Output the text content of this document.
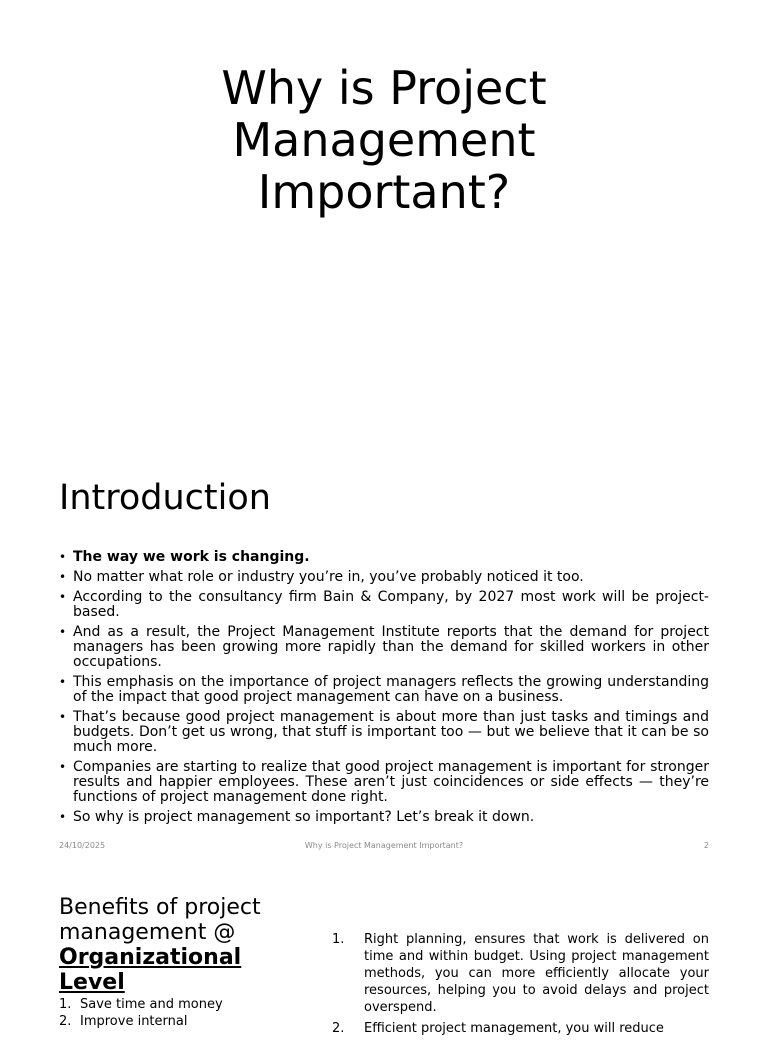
Why is Project
Management
Important?
Introduction
• The way we work is changing.
• No matter what role or industry you’re in, you’ve probably noticed it too.
• According to the consultancy firm Bain & Company, by 2027 most work will be project-based.
• And as a result, the Project Management Institute reports that the demand for project managers has been growing more rapidly than the demand for skilled workers in other occupations.
• This emphasis on the importance of project managers reflects the growing understanding of the impact that good project management can have on a business.
• That’s because good project management is about more than just tasks and timings and budgets. Don’t get us wrong, that stuff is important too — but we believe that it can be so much more.
• Companies are starting to realize that good project management is important for stronger results and happier employees. These aren’t just coincidences or side effects — they’re functions of project management done right.
• So why is project management so important? Let’s break it down.
24/10/2025	Why is Project Management Important?	2
Benefits of project
management @
Organizational Level
1. Save time and money
2. Improve internal
1. Right planning, ensures that work is delivered on time and within budget. Using project management methods, you can more efficiently allocate your resources, helping you to avoid delays and project overspend.
2. Efficient project management, you will reduce
